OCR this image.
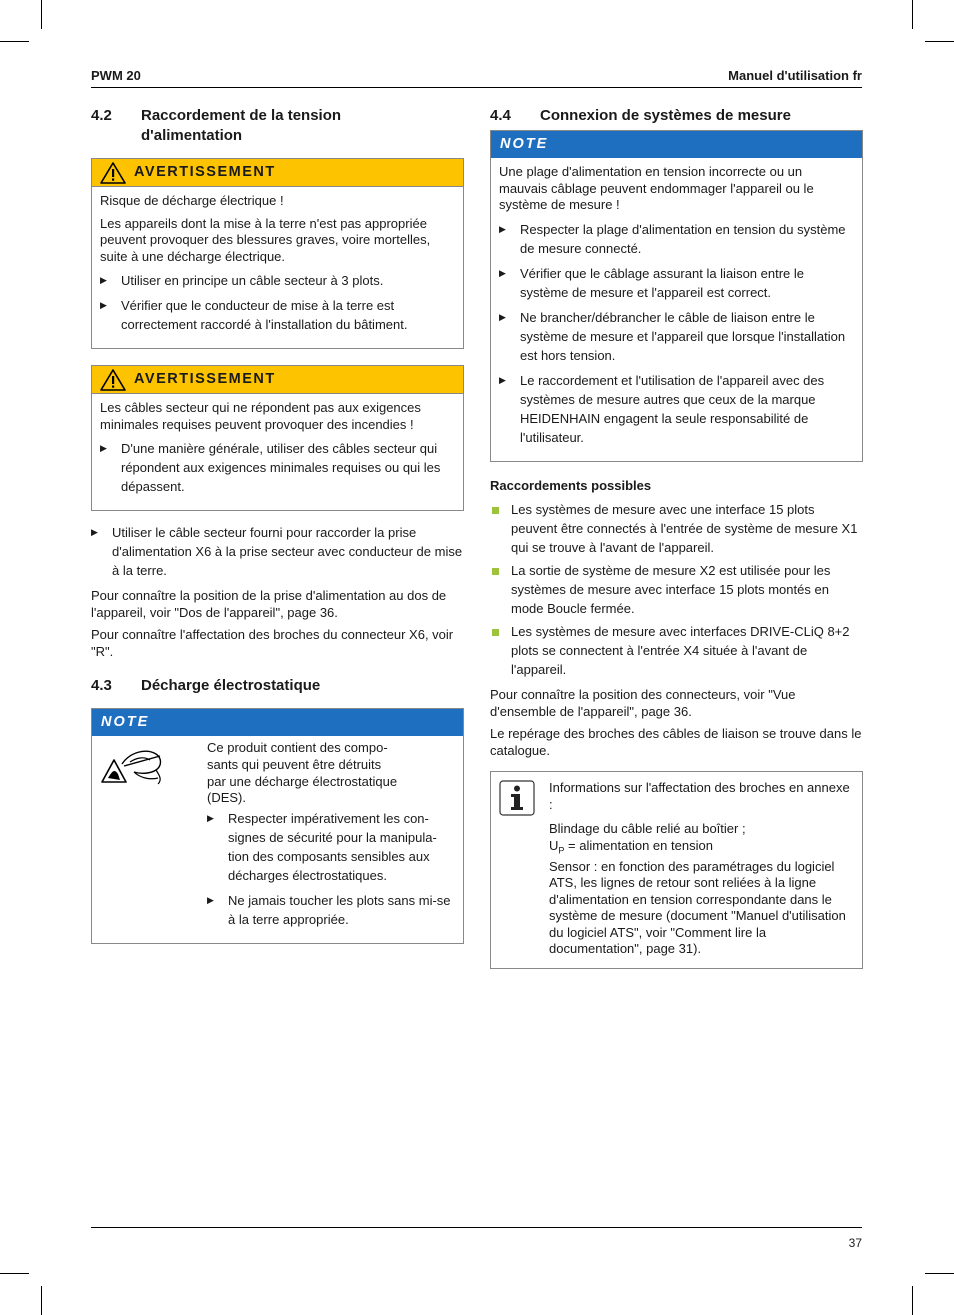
PWM 20	Manuel d'utilisation fr
4.2	Raccordement de la tension d'alimentation
AVERTISSEMENT

Risque de décharge électrique !

Les appareils dont la mise à la terre n'est pas appropriée peuvent provoquer des blessures graves, voire mortelles, suite à une décharge électrique.

▶ Utiliser en principe un câble secteur à 3 plots.
▶ Vérifier que le conducteur de mise à la terre est correctement raccordé à l'installation du bâtiment.
AVERTISSEMENT

Les câbles secteur qui ne répondent pas aux exigences minimales requises peuvent provoquer des incendies !

▶ D'une manière générale, utiliser des câbles secteur qui répondent aux exigences minimales requises ou qui les dépassent.
▶ Utiliser le câble secteur fourni pour raccorder la prise d'alimentation X6 à la prise secteur avec conducteur de mise à la terre.

Pour connaître la position de la prise d'alimentation au dos de l'appareil, voir "Dos de l'appareil", page 36.

Pour connaître l'affectation des broches du connecteur X6, voir "R".

4.3	Décharge électrostatique
NOTE

Ce produit contient des compo-
sants qui peuvent être détruits
par une décharge électrostatique
(DES).

▶ Respecter impérativement les con-signes de sécurité pour la manipula-tion des composants sensibles aux décharges électrostatiques.
▶ Ne jamais toucher les plots sans mi-se à la terre appropriée.
4.4	Connexion de systèmes de mesure
NOTE

Une plage d'alimentation en tension incorrecte ou un mauvais câblage peuvent endommager l'appareil ou le système de mesure !

▶ Respecter la plage d'alimentation en tension du système de mesure connecté.
▶ Vérifier que le câblage assurant la liaison entre le système de mesure et l'appareil est correct.
▶ Ne brancher/débrancher le câble de liaison entre le système de mesure et l'appareil que lorsque l'installation est hors tension.
▶ Le raccordement et l'utilisation de l'appareil avec des systèmes de mesure autres que ceux de la marque HEIDENHAIN engagent la seule responsabilité de l'utilisateur.
Raccordements possibles
Les systèmes de mesure avec une interface 15 plots peuvent être connectés à l'entrée de système de mesure X1 qui se trouve à l'avant de l'appareil.
La sortie de système de mesure X2 est utilisée pour les systèmes de mesure avec interface 15 plots montés en mode Boucle fermée.
Les systèmes de mesure avec interfaces DRIVE-CLiQ 8+2 plots se connectent à l'entrée X4 située à l'avant de l'appareil.

Pour connaître la position des connecteurs, voir "Vue d'ensemble de l'appareil", page 36.

Le repérage des broches des câbles de liaison se trouve dans le catalogue.

Informations sur l'affectation des broches en annexe :

Blindage du câble relié au boîtier ;

$U_P$ = alimentation en tension

Sensor : en fonction des paramétrages du logiciel ATS, les lignes de retour sont reliées à la ligne d'alimentation en tension correspondante dans le système de mesure (document "Manuel d'utilisation du logiciel ATS", voir "Comment lire la documentation", page 31).

37
